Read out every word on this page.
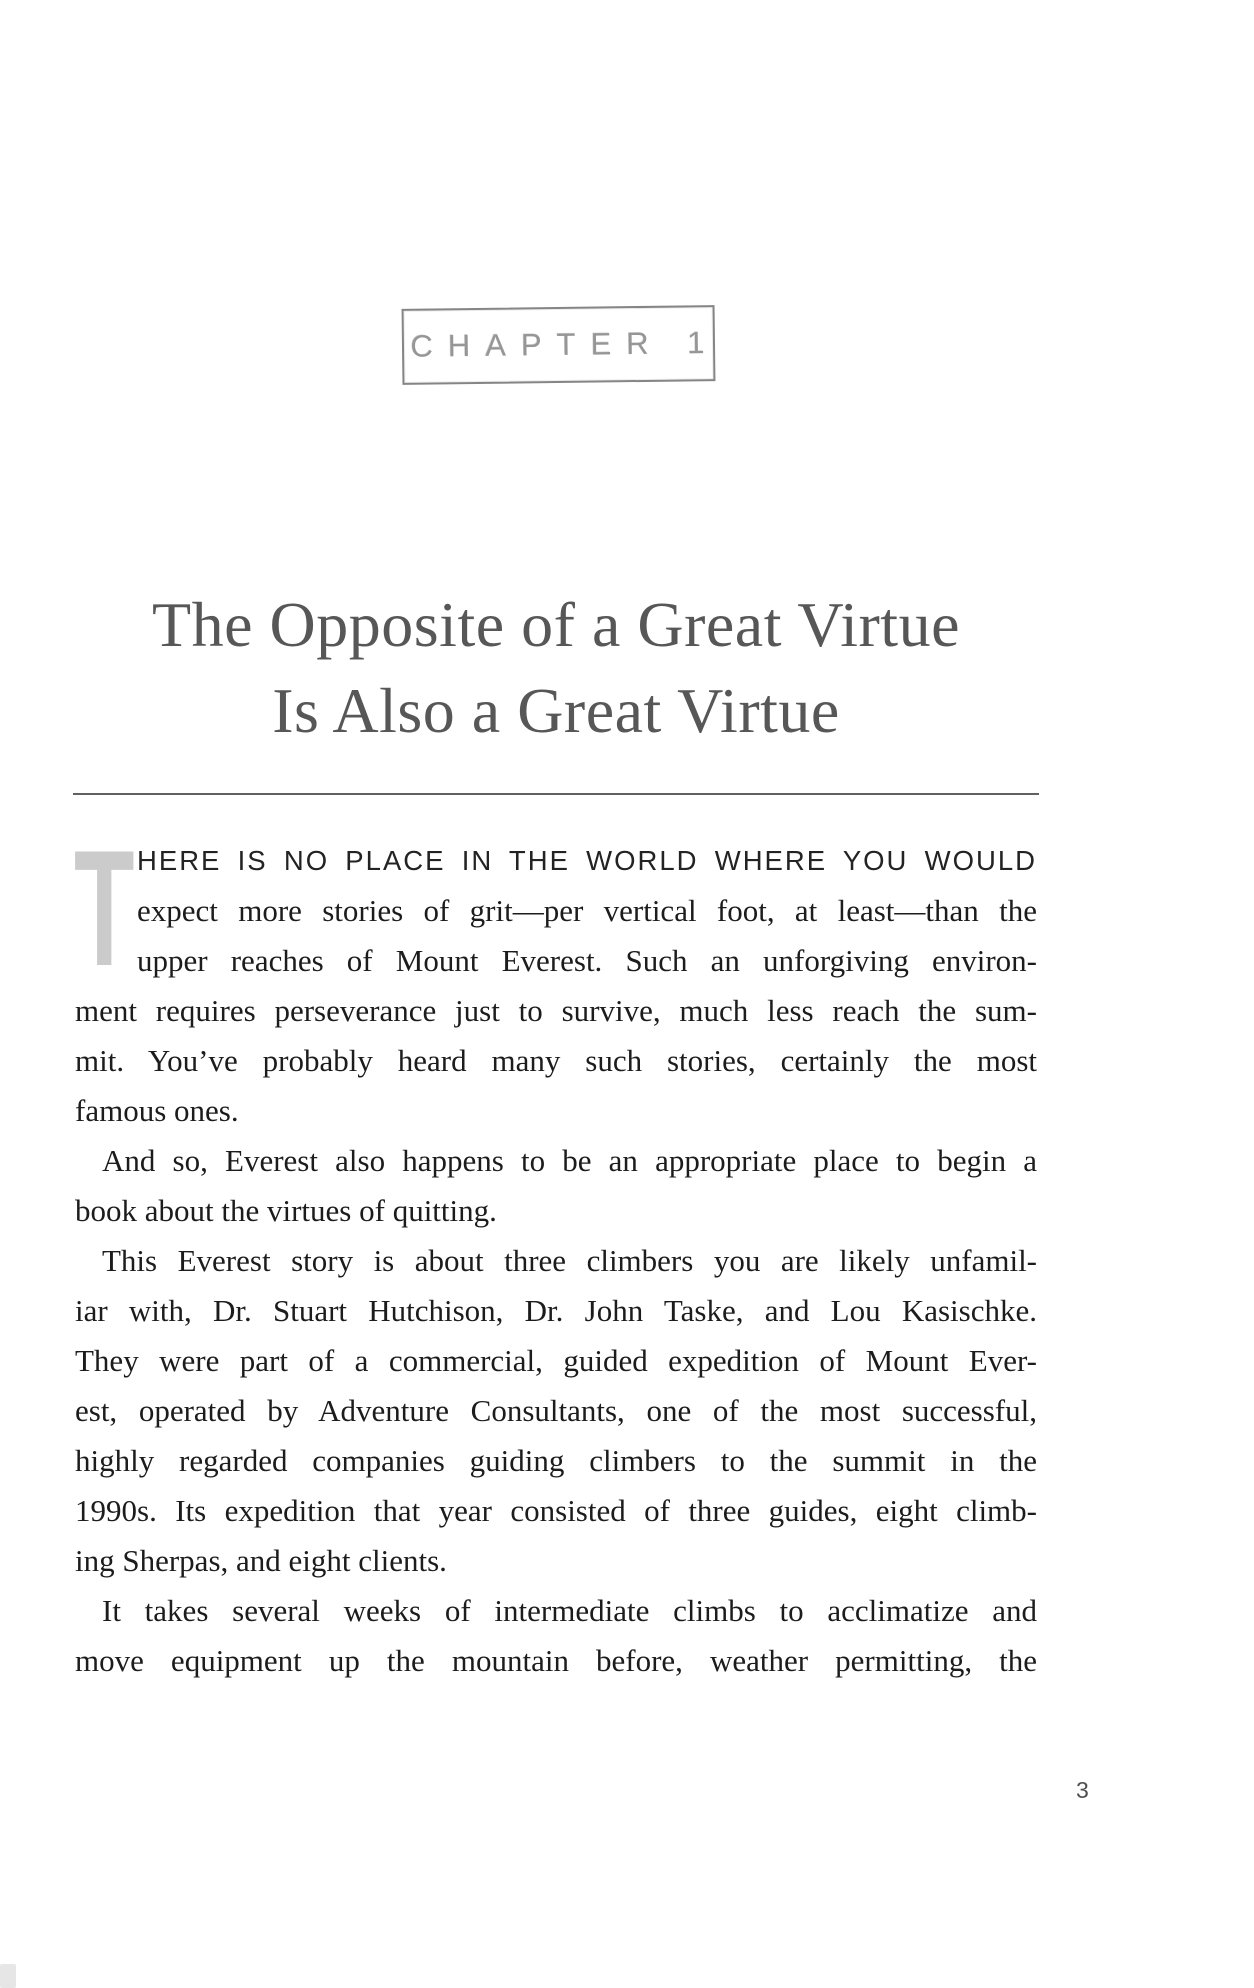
CHAPTER 1
The Opposite of a Great Virtue
Is Also a Great Virtue
T HERE IS NO PLACE IN THE WORLD WHERE YOU WOULD
expect more stories of grit—per vertical foot, at least—than the
upper reaches of Mount Everest. Such an unforgiving environ-
ment requires perseverance just to survive, much less reach the sum-
mit. You’ve probably heard many such stories, certainly the most
famous ones.
And so, Everest also happens to be an appropriate place to begin a
book about the virtues of quitting.
This Everest story is about three climbers you are likely unfamil-
iar with, Dr. Stuart Hutchison, Dr. John Taske, and Lou Kasischke.
They were part of a commercial, guided expedition of Mount Ever-
est, operated by Adventure Consultants, one of the most successful,
highly regarded companies guiding climbers to the summit in the
1990s. Its expedition that year consisted of three guides, eight climb-
ing Sherpas, and eight clients.
It takes several weeks of intermediate climbs to acclimatize and
move equipment up the mountain before, weather permitting, the
3
